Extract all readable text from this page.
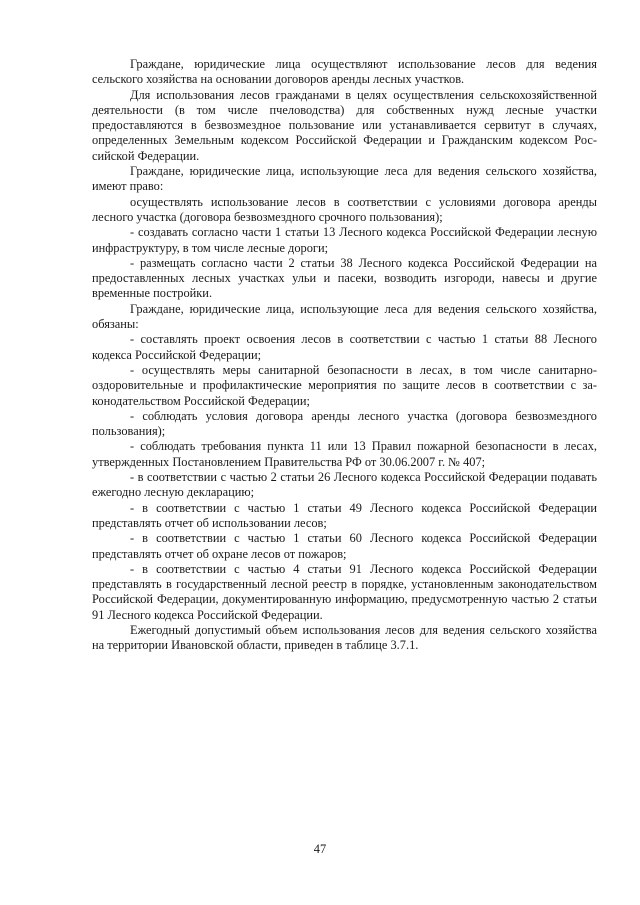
Граждане, юридические лица осуществляют использование лесов для ведения сельского хозяйства на основании договоров аренды лесных участков.

Для использования лесов гражданами в целях осуществления сельскохозяйственной деятельности (в том числе пчеловодства) для собственных нужд лесные участки предоставляются в безвозмездное пользование или устанавливается сервитут в случаях, определенных Земельным кодексом Российской Федерации и Гражданским кодексом Российской Федерации.

Граждане, юридические лица, использующие леса для ведения сельского хозяйства, имеют право:

осуществлять использование лесов в соответствии с условиями договора аренды лесного участка (договора безвозмездного срочного пользования);

- создавать согласно части 1 статьи 13 Лесного кодекса Российской Федерации лесную инфраструктуру, в том числе лесные дороги;

- размещать согласно части 2 статьи 38 Лесного кодекса Российской Федерации на предоставленных лесных участках ульи и пасеки, возводить изгороди, навесы и другие временные постройки.

Граждане, юридические лица, использующие леса для ведения сельского хозяйства, обязаны:

- составлять проект освоения лесов в соответствии с частью 1 статьи 88 Лесного кодекса Российской Федерации;

- осуществлять меры санитарной безопасности в лесах, в том числе санитарно-оздоровительные и профилактические мероприятия по защите лесов в соответствии с законодательством Российской Федерации;

- соблюдать условия договора аренды лесного участка (договора безвозмездного пользования);

- соблюдать требования пункта 11 или 13 Правил пожарной безопасности в лесах, утвержденных Постановлением Правительства РФ от 30.06.2007 г. № 407;

- в соответствии с частью 2 статьи 26 Лесного кодекса Российской Федерации подавать ежегодно лесную декларацию;

- в соответствии с частью 1 статьи 49 Лесного кодекса Российской Федерации представлять отчет об использовании лесов;

- в соответствии с частью 1 статьи 60 Лесного кодекса Российской Федерации представлять отчет об охране лесов от пожаров;

- в соответствии с частью 4 статьи 91 Лесного кодекса Российской Федерации представлять в государственный лесной реестр в порядке, установленным законодательством Российской Федерации, документированную информацию, предусмотренную частью 2 статьи 91 Лесного кодекса Российской Федерации.

Ежегодный допустимый объем использования лесов для ведения сельского хозяйства на территории Ивановской области, приведен в таблице 3.7.1.

47
